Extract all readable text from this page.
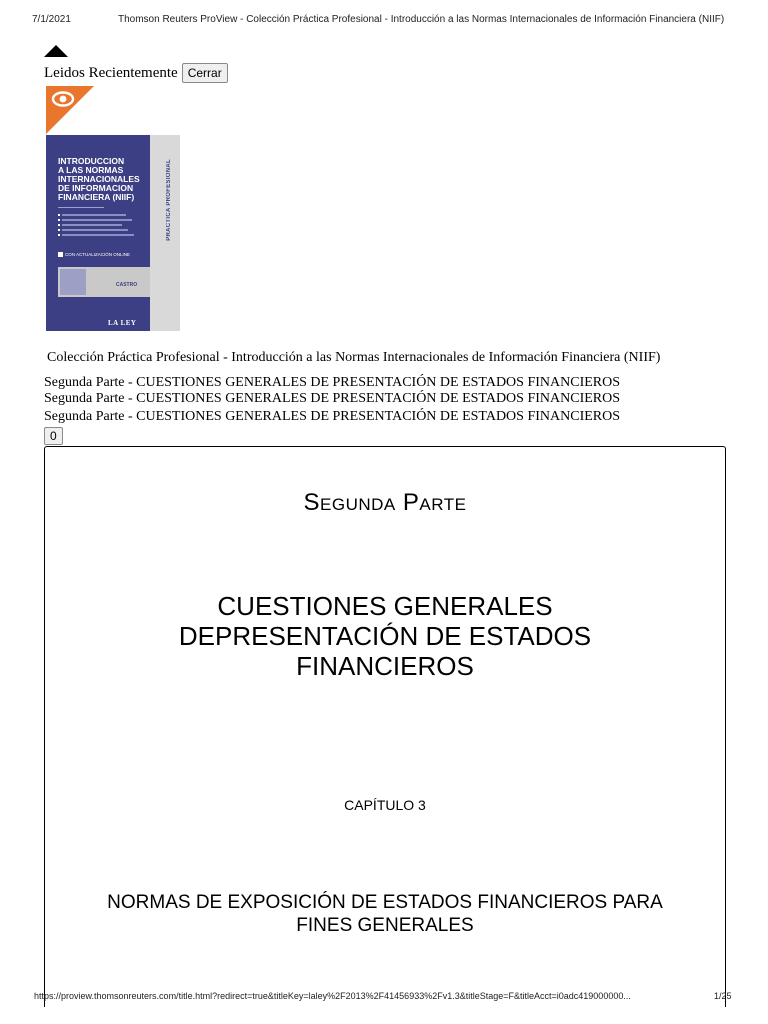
7/1/2021	Thomson Reuters ProView - Colección Práctica Profesional - Introducción a las Normas Internacionales de Información Financiera (NIIF)
Leidos Recientemente Cerrar
PRACTICA PROFESIONAL
INTRODUCCION
A LAS NORMAS
INTERNACIONALES
DE INFORMACION
FINANCIERA (NIIF)
CON ACTUALIZACIÓN ONLINE
CASTRO
LA LEY
Colección Práctica Profesional - Introducción a las Normas Internacionales de Información Financiera (NIIF)
Segunda Parte - CUESTIONES GENERALES DE PRESENTACIÓN DE ESTADOS FINANCIEROS
Segunda Parte - CUESTIONES GENERALES DE PRESENTACIÓN DE ESTADOS FINANCIEROS
Segunda Parte - CUESTIONES GENERALES DE PRESENTACIÓN DE ESTADOS FINANCIEROS
0
Segunda Parte
CUESTIONES GENERALES DEPRESENTACIÓN DE ESTADOS FINANCIEROS
CAPÍTULO 3
NORMAS DE EXPOSICIÓN DE ESTADOS FINANCIEROS PARA FINES GENERALES
https://proview.thomsonreuters.com/title.html?redirect=true&titleKey=laley%2F2013%2F41456933%2Fv1.3&titleStage=F&titleAcct=i0adc419000000...	1/25
